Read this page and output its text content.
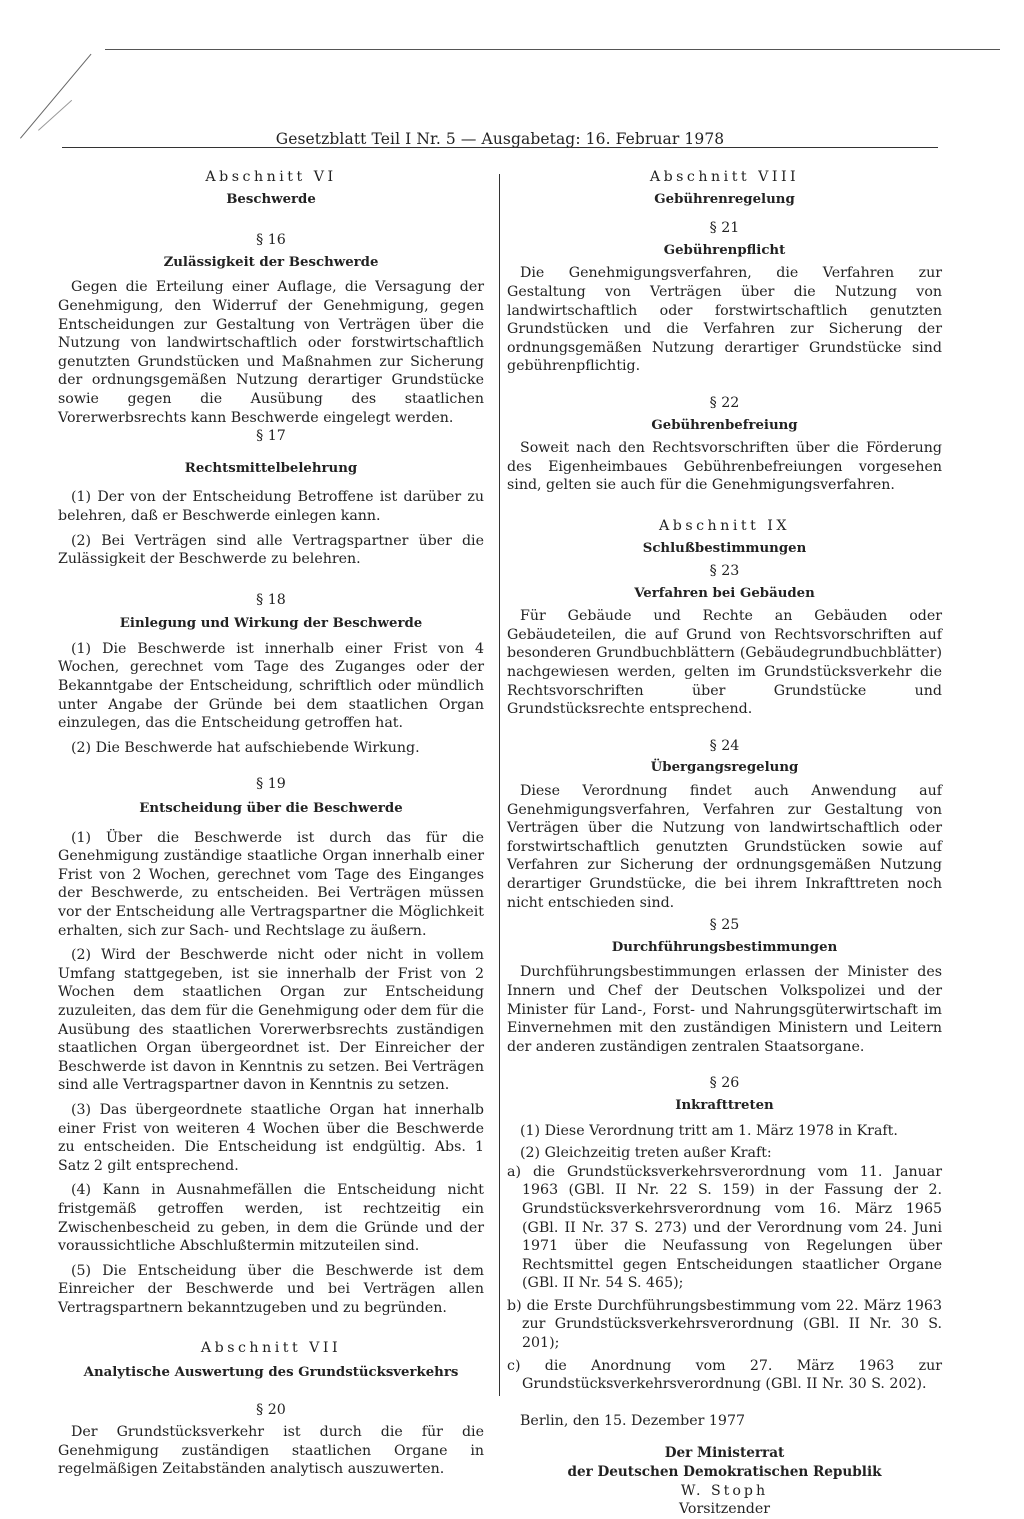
Gesetzblatt Teil I Nr. 5 — Ausgabetag: 16. Februar 1978

Abschnitt VI

Beschwerde

§ 16

Zulässigkeit der Beschwerde

Gegen die Erteilung einer Auflage, die Versagung der Genehmigung, den Widerruf der Genehmigung, gegen Entscheidungen zur Gestaltung von Verträgen über die Nutzung von landwirtschaftlich oder forstwirtschaftlich genutzten Grundstücken und Maßnahmen zur Sicherung der ordnungsgemäßen Nutzung derartiger Grundstücke sowie gegen die Ausübung des staatlichen Vorerwerbsrechts kann Beschwerde eingelegt werden.

§ 17

Rechtsmittelbelehrung

(1) Der von der Entscheidung Betroffene ist darüber zu belehren, daß er Beschwerde einlegen kann.

(2) Bei Verträgen sind alle Vertragspartner über die Zulässigkeit der Beschwerde zu belehren.

§ 18

Einlegung und Wirkung der Beschwerde

(1) Die Beschwerde ist innerhalb einer Frist von 4 Wochen, gerechnet vom Tage des Zuganges oder der Bekanntgabe der Entscheidung, schriftlich oder mündlich unter Angabe der Gründe bei dem staatlichen Organ einzulegen, das die Entscheidung getroffen hat.

(2) Die Beschwerde hat aufschiebende Wirkung.

§ 19

Entscheidung über die Beschwerde

(1) Über die Beschwerde ist durch das für die Genehmigung zuständige staatliche Organ innerhalb einer Frist von 2 Wochen, gerechnet vom Tage des Einganges der Beschwerde, zu entscheiden. Bei Verträgen müssen vor der Entscheidung alle Vertragspartner die Möglichkeit erhalten, sich zur Sach- und Rechtslage zu äußern.

(2) Wird der Beschwerde nicht oder nicht in vollem Umfang stattgegeben, ist sie innerhalb der Frist von 2 Wochen dem staatlichen Organ zur Entscheidung zuzuleiten, das dem für die Genehmigung oder dem für die Ausübung des staatlichen Vorerwerbsrechts zuständigen staatlichen Organ übergeordnet ist. Der Einreicher der Beschwerde ist davon in Kenntnis zu setzen. Bei Verträgen sind alle Vertragspartner davon in Kenntnis zu setzen.

(3) Das übergeordnete staatliche Organ hat innerhalb einer Frist von weiteren 4 Wochen über die Beschwerde zu entscheiden. Die Entscheidung ist endgültig. Abs. 1 Satz 2 gilt entsprechend.

(4) Kann in Ausnahmefällen die Entscheidung nicht fristgemäß getroffen werden, ist rechtzeitig ein Zwischenbescheid zu geben, in dem die Gründe und der voraussichtliche Abschlußtermin mitzuteilen sind.

(5) Die Entscheidung über die Beschwerde ist dem Einreicher der Beschwerde und bei Verträgen allen Vertragspartnern bekanntzugeben und zu begründen.

Abschnitt VII

Analytische Auswertung des Grundstücksverkehrs

§ 20

Der Grundstücksverkehr ist durch die für die Genehmigung zuständigen staatlichen Organe in regelmäßigen Zeitabständen analytisch auszuwerten.

Abschnitt VIII

Gebührenregelung

§ 21

Gebührenpflicht

Die Genehmigungsverfahren, die Verfahren zur Gestaltung von Verträgen über die Nutzung von landwirtschaftlich oder forstwirtschaftlich genutzten Grundstücken und die Verfahren zur Sicherung der ordnungsgemäßen Nutzung derartiger Grundstücke sind gebührenpflichtig.

§ 22

Gebührenbefreiung

Soweit nach den Rechtsvorschriften über die Förderung des Eigenheimbaues Gebührenbefreiungen vorgesehen sind, gelten sie auch für die Genehmigungsverfahren.

Abschnitt IX

Schlußbestimmungen

§ 23

Verfahren bei Gebäuden

Für Gebäude und Rechte an Gebäuden oder Gebäudeteilen, die auf Grund von Rechtsvorschriften auf besonderen Grundbuchblättern (Gebäudegrundbuchblätter) nachgewiesen werden, gelten im Grundstücksverkehr die Rechtsvorschriften über Grundstücke und Grundstücksrechte entsprechend.

§ 24

Übergangsregelung

Diese Verordnung findet auch Anwendung auf Genehmigungsverfahren, Verfahren zur Gestaltung von Verträgen über die Nutzung von landwirtschaftlich oder forstwirtschaftlich genutzten Grundstücken sowie auf Verfahren zur Sicherung der ordnungsgemäßen Nutzung derartiger Grundstücke, die bei ihrem Inkrafttreten noch nicht entschieden sind.

§ 25

Durchführungsbestimmungen

Durchführungsbestimmungen erlassen der Minister des Innern und Chef der Deutschen Volkspolizei und der Minister für Land-, Forst- und Nahrungsgüterwirtschaft im Einvernehmen mit den zuständigen Ministern und Leitern der anderen zuständigen zentralen Staatsorgane.

§ 26

Inkrafttreten

(1) Diese Verordnung tritt am 1. März 1978 in Kraft.

(2) Gleichzeitig treten außer Kraft:

a) die Grundstücksverkehrsverordnung vom 11. Januar 1963 (GBl. II Nr. 22 S. 159) in der Fassung der 2. Grundstücksverkehrsverordnung vom 16. März 1965 (GBl. II Nr. 37 S. 273) und der Verordnung vom 24. Juni 1971 über die Neufassung von Regelungen über Rechtsmittel gegen Entscheidungen staatlicher Organe (GBl. II Nr. 54 S. 465);

b) die Erste Durchführungsbestimmung vom 22. März 1963 zur Grundstücksverkehrsverordnung (GBl. II Nr. 30 S. 201);

c) die Anordnung vom 27. März 1963 zur Grundstücksverkehrsverordnung (GBl. II Nr. 30 S. 202).

Berlin, den 15. Dezember 1977

Der Ministerrat

der Deutschen Demokratischen Republik

W. Stoph

Vorsitzender
